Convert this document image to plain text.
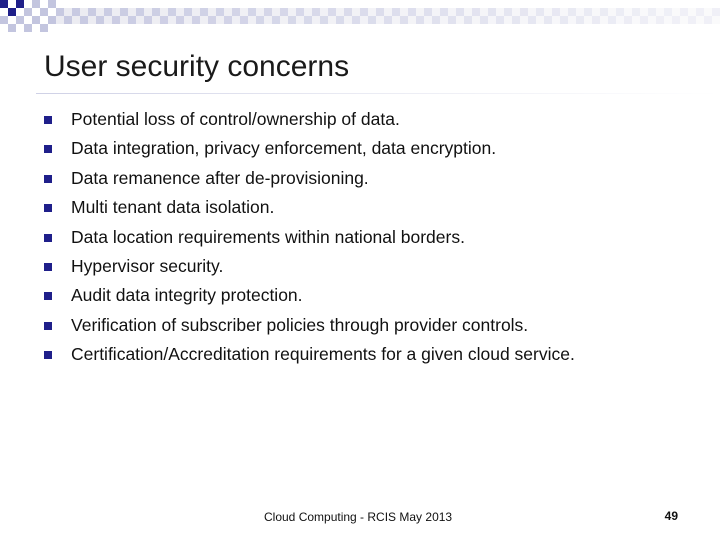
User security concerns
Potential loss of control/ownership of data.
Data integration, privacy enforcement, data encryption.
Data remanence after de-provisioning.
Multi tenant data isolation.
Data location requirements within national borders.
Hypervisor security.
Audit data integrity protection.
Verification of subscriber policies through provider controls.
Certification/Accreditation requirements for a given cloud service.
Cloud Computing - RCIS May 2013	49
